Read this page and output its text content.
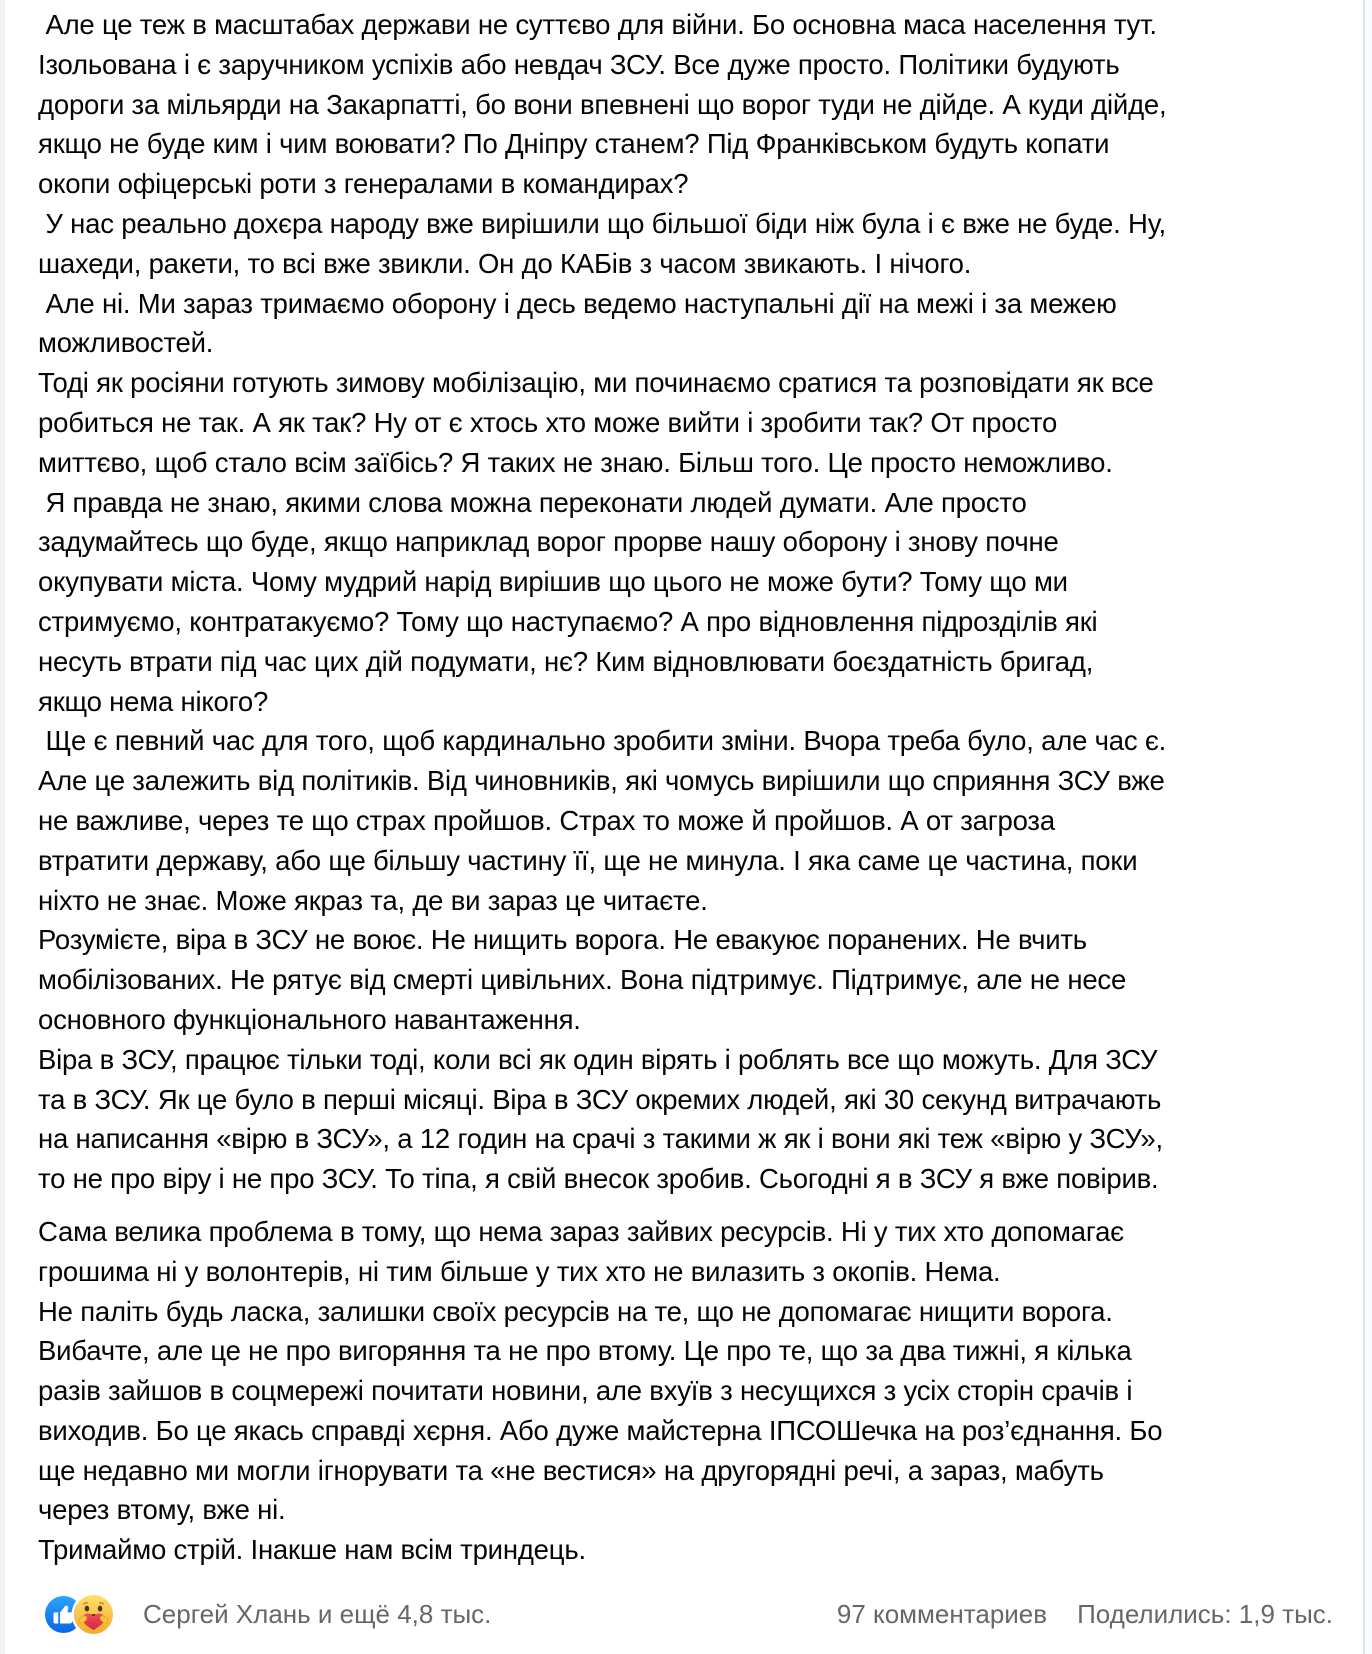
Але це теж в масштабах держави не суттєво для війни. Бо основна маса населення тут.
Ізольована і є заручником успіхів або невдач ЗСУ. Все дуже просто. Політики будують
дороги за мільярди на Закарпатті, бо вони впевнені що ворог туди не дійде. А куди дійде,
якщо не буде ким і чим воювати? По Дніпру станем? Під Франківськом будуть копати
окопи офіцерські роти з генералами в командирах?
У нас реально дохєра народу вже вирішили що більшої біди ніж була і є вже не буде. Ну,
шахеди, ракети, то всі вже звикли. Он до КАБів з часом звикають. І нічого.
Але ні. Ми зараз тримаємо оборону і десь ведемо наступальні дії на межі і за межею
можливостей.
Тоді як росіяни готують зимову мобілізацію, ми починаємо сратися та розповідати як все
робиться не так. А як так? Ну от є хтось хто може вийти і зробити так? От просто
миттєво, щоб стало всім заїбісь? Я таких не знаю. Більш того. Це просто неможливо.
Я правда не знаю, якими слова можна переконати людей думати. Але просто
задумайтесь що буде, якщо наприклад ворог прорве нашу оборону і знову почне
окупувати міста. Чому мудрий нарід вирішив що цього не може бути? Тому що ми
стримуємо, контратакуємо? Тому що наступаємо? А про відновлення підрозділів які
несуть втрати під час цих дій подумати, нє? Ким відновлювати боєздатність бригад,
якщо нема нікого?
Ще є певний час для того, щоб кардинально зробити зміни. Вчора треба було, але час є.
Але це залежить від політиків. Від чиновників, які чомусь вирішили що сприяння ЗСУ вже
не важливе, через те що страх пройшов. Страх то може й пройшов. А от загроза
втратити державу, або ще більшу частину її, ще не минула. І яка саме це частина, поки
ніхто не знає. Може якраз та, де ви зараз це читаєте.
Розумієте, віра в ЗСУ не воює. Не нищить ворога. Не евакуює поранених. Не вчить
мобілізованих. Не рятує від смерті цивільних. Вона підтримує. Підтримує, але не несе
основного функціонального навантаження.
Віра в ЗСУ, працює тільки тоді, коли всі як один вірять і роблять все що можуть. Для ЗСУ
та в ЗСУ. Як це було в перші місяці. Віра в ЗСУ окремих людей, які 30 секунд витрачають
на написання «вірю в ЗСУ», а 12 годин на срачі з такими ж як і вони які теж «вірю у ЗСУ»,
то не про віру і не про ЗСУ. То тіпа, я свій внесок зробив. Сьогодні я в ЗСУ я вже повірив.
Сама велика проблема в тому, що нема зараз зайвих ресурсів. Ні у тих хто допомагає
грошима ні у волонтерів, ні тим більше у тих хто не вилазить з окопів. Нема.
Не паліть будь ласка, залишки своїх ресурсів на те, що не допомагає нищити ворога.
Вибачте, але це не про вигоряння та не про втому. Це про те, що за два тижні, я кілька
разів зайшов в соцмережі почитати новини, але вхуїв з несущихся з усіх сторін срачів і
виходив. Бо це якась справді хєрня. Або дуже майстерна ІПСОШечка на роз’єднання. Бо
ще недавно ми могли ігнорувати та «не вестися» на другорядні речі, а зараз, мабуть
через втому, вже ні.
Тримаймо стрій. Інакше нам всім триндець.
Сергей Хлань и ещё 4,8 тыс.	97 комментариев Поделились: 1,9 тыс.
